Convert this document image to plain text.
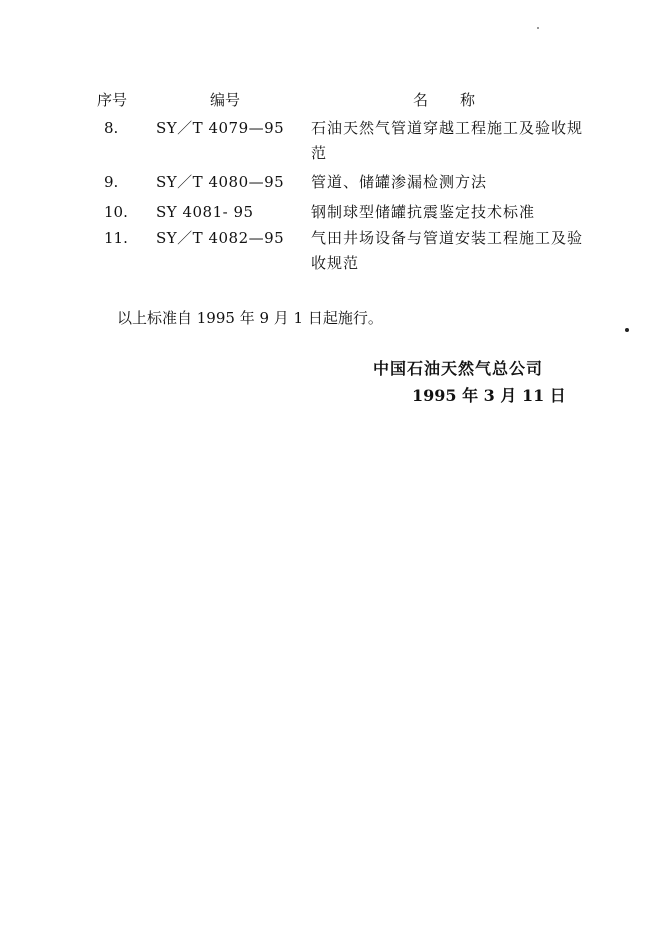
序号	编号	名称
8.	SY／T 4079—95 石油天然气管道穿越工程施工及验收规范
9.	SY／T 4080—95 管道、储罐渗漏检测方法
10. SY 4081- 95	钢制球型储罐抗震鉴定技术标准
11. SY／T 4082—95 气田井场设备与管道安装工程施工及验收规范
以上标准自 1995 年 9 月 1 日起施行。
中国石油天然气总公司
1995 年 3 月 11 日
